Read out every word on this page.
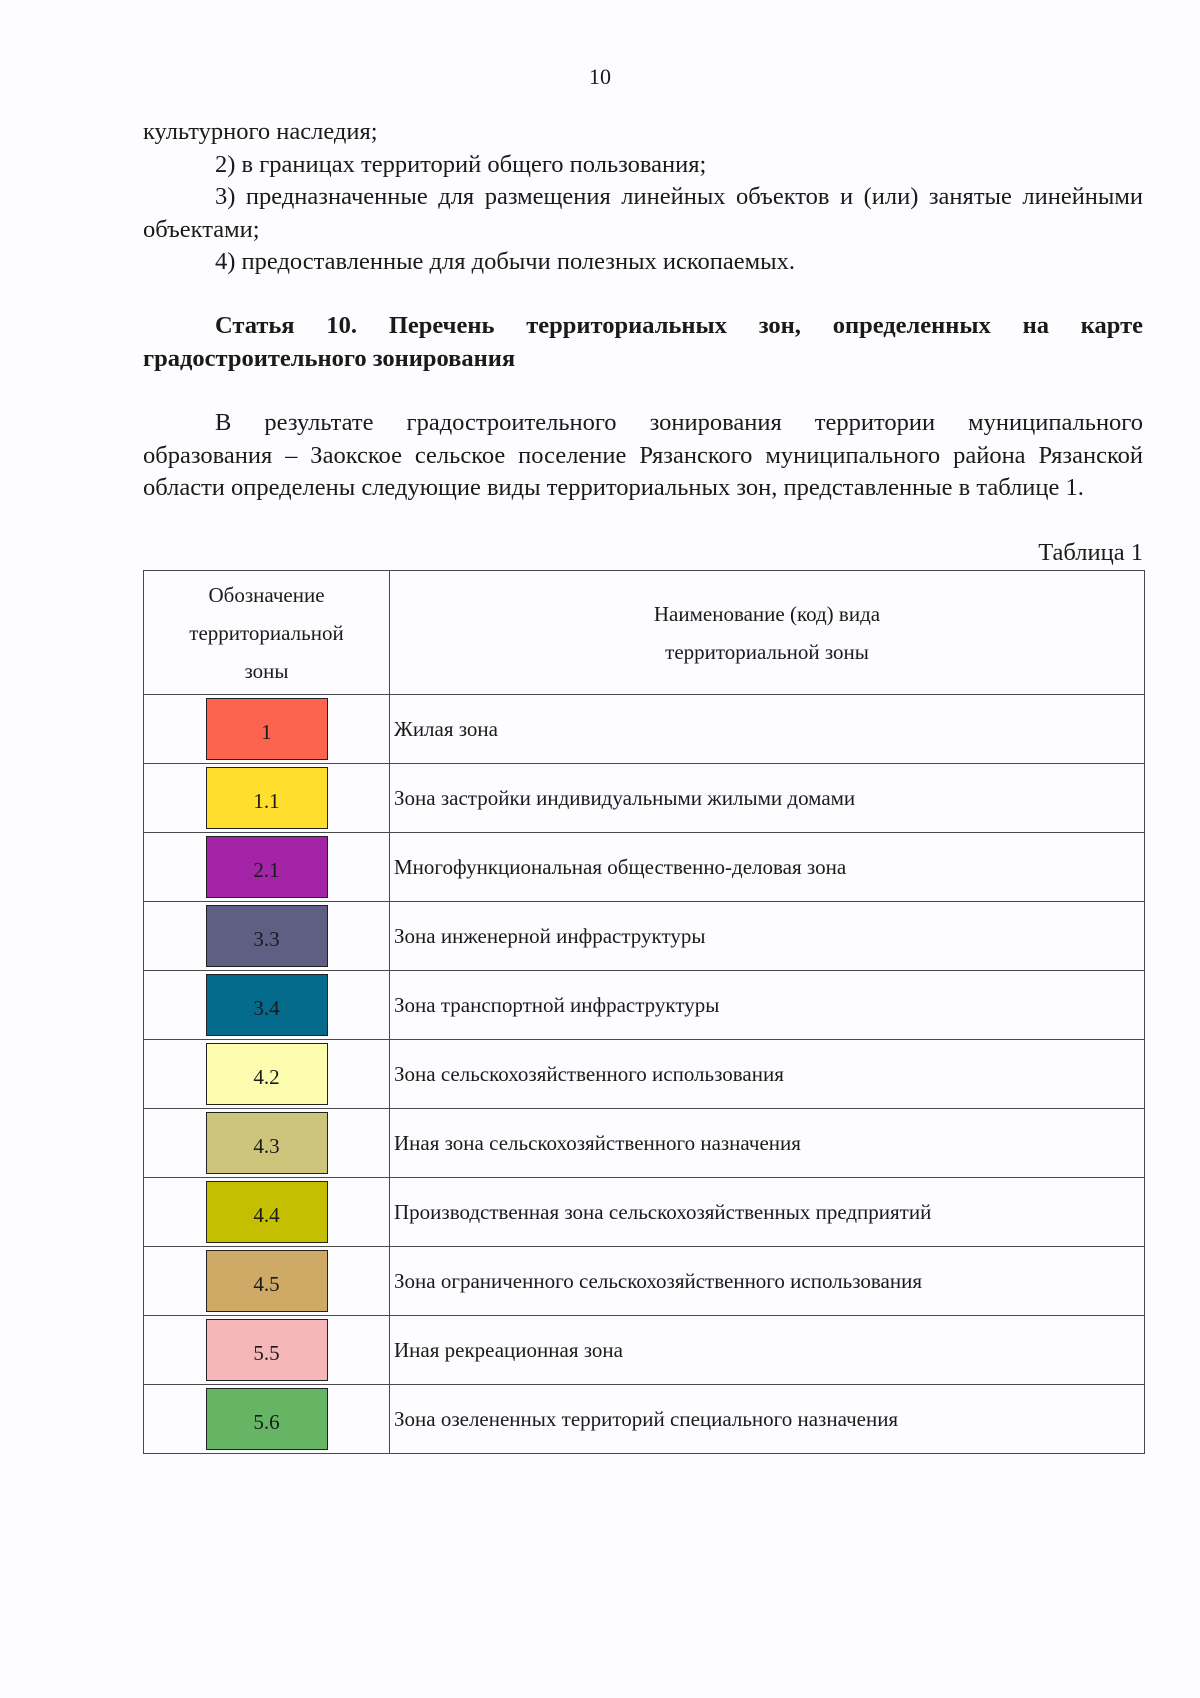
10

культурного наследия;

2) в границах территорий общего пользования;

3) предназначенные для размещения линейных объектов и (или) занятые линейными объектами;

4) предоставленные для добычи полезных ископаемых.

Статья 10. Перечень территориальных зон, определенных на карте градостроительного зонирования

В результате градостроительного зонирования территории муниципального образования – Заокское сельское поселение Рязанского муниципального района Рязанской области определены следующие виды территориальных зон, представленные в таблице 1.

Таблица 1
Обозначение территориальной зоны	Наименование (код) вида территориальной зоны

1	Жилая зона
1.1	Зона застройки индивидуальными жилыми домами
2.1	Многофункциональная общественно-деловая зона
3.3	Зона инженерной инфраструктуры
3.4	Зона транспортной инфраструктуры
4.2	Зона сельскохозяйственного использования
4.3	Иная зона сельскохозяйственного назначения
4.4	Производственная зона сельскохозяйственных предприятий
4.5	Зона ограниченного сельскохозяйственного использования
5.5	Иная рекреационная зона
5.6	Зона озелененных территорий специального назначения
